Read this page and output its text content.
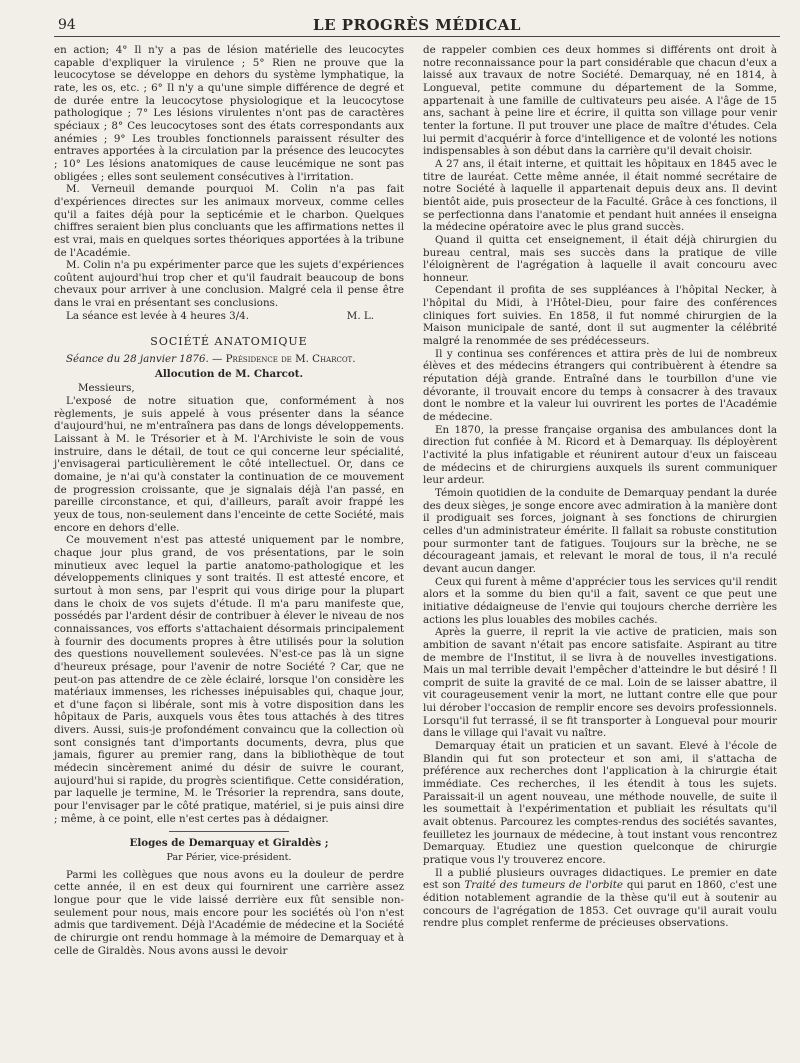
94	LE PROGRÈS MÉDICAL

en action; 4° Il n'y a pas de lésion matérielle des leucocytes capable d'expliquer la virulence ; 5° Rien ne prouve que la leucocytose se développe en dehors du système lymphatique, la rate, les os, etc. ; 6° Il n'y a qu'une simple différence de degré et de durée entre la leucocytose physiologique et la leucocytose pathologique ; 7° Les lésions virulentes n'ont pas de caractères spéciaux ; 8° Ces leucocytoses sont des états correspondants aux anémies ; 9° Les troubles fonctionnels paraissent résulter des entraves apportées à la circulation par la présence des leucocytes ; 10° Les lésions anatomiques de cause leucémique ne sont pas obligées ; elles sont seulement consécutives à l'irritation.

M. Verneuil demande pourquoi M. Colin n'a pas fait d'expériences directes sur les animaux morveux, comme celles qu'il a faites déjà pour la septicémie et le charbon. Quelques chiffres seraient bien plus concluants que les affirmations nettes il est vrai, mais en quelques sortes théoriques apportées à la tribune de l'Académie.

M. Colin n'a pu expérimenter parce que les sujets d'expériences coûtent aujourd'hui trop cher et qu'il faudrait beaucoup de bons chevaux pour arriver à une conclusion. Malgré cela il pense être dans le vrai en présentant ses conclusions.

La séance est levée à 4 heures 3/4.	M. L.

SOCIÉTÉ ANATOMIQUE

Séance du 28 janvier 1876. — Présidence de M. Charcot.

Allocution de M. Charcot.

Messieurs,

L'exposé de notre situation que, conformément à nos règlements, je suis appelé à vous présenter dans la séance d'aujourd'hui, ne m'entraînera pas dans de longs développements. Laissant à M. le Trésorier et à M. l'Archiviste le soin de vous instruire, dans le détail, de tout ce qui concerne leur spécialité, j'envisagerai particulièrement le côté intellectuel. Or, dans ce domaine, je n'ai qu'à constater la continuation de ce mouvement de progression croissante, que je signalais déjà l'an passé, en pareille circonstance, et qui, d'ailleurs, paraît avoir frappé les yeux de tous, non-seulement dans l'enceinte de cette Société, mais encore en dehors d'elle.

Ce mouvement n'est pas attesté uniquement par le nombre, chaque jour plus grand, de vos présentations, par le soin minutieux avec lequel la partie anatomo-pathologique et les développements cliniques y sont traités. Il est attesté encore, et surtout à mon sens, par l'esprit qui vous dirige pour la plupart dans le choix de vos sujets d'étude. Il m'a paru manifeste que, possédés par l'ardent désir de contribuer à élever le niveau de nos connaissances, vos efforts s'attachaient désormais principalement à fournir des documents propres à être utilisés pour la solution des questions nouvellement soulevées. N'est-ce pas là un signe d'heureux présage, pour l'avenir de notre Société ? Car, que ne peut-on pas attendre de ce zèle éclairé, lorsque l'on considère les matériaux immenses, les richesses inépuisables qui, chaque jour, et d'une façon si libérale, sont mis à votre disposition dans les hôpitaux de Paris, auxquels vous êtes tous attachés à des titres divers. Aussi, suis-je profondément convaincu que la collection où sont consignés tant d'importants documents, devra, plus que jamais, figurer au premier rang, dans la bibliothèque de tout médecin sincèrement animé du désir de suivre le courant, aujourd'hui si rapide, du progrès scientifique. Cette considération, par laquelle je termine, M. le Trésorier la reprendra, sans doute, pour l'envisager par le côté pratique, matériel, si je puis ainsi dire ; même, à ce point, elle n'est certes pas à dédaigner.

Eloges de Demarquay et Giraldès ;
Par Périer, vice-président.

Parmi les collègues que nous avons eu la douleur de perdre cette année, il en est deux qui fournirent une carrière assez longue pour que le vide laissé derrière eux fût sensible non-seulement pour nous, mais encore pour les sociétés où l'on n'est admis que tardivement. Déjà l'Académie de médecine et la Société de chirurgie ont rendu hommage à la mémoire de Demarquay et à celle de Giraldès. Nous avons aussi le devoir

de rappeler combien ces deux hommes si différents ont droit à notre reconnaissance pour la part considérable que chacun d'eux a laissé aux travaux de notre Société. Demarquay, né en 1814, à Longueval, petite commune du département de la Somme, appartenait à une famille de cultivateurs peu aisée. A l'âge de 15 ans, sachant à peine lire et écrire, il quitta son village pour venir tenter la fortune. Il put trouver une place de maître d'études. Cela lui permit d'acquérir à force d'intelligence et de volonté les notions indispensables à son début dans la carrière qu'il devait choisir.

A 27 ans, il était interne, et quittait les hôpitaux en 1845 avec le titre de lauréat. Cette même année, il était nommé secrétaire de notre Société à laquelle il appartenait depuis deux ans. Il devint bientôt aide, puis prosecteur de la Faculté. Grâce à ces fonctions, il se perfectionna dans l'anatomie et pendant huit années il enseigna la médecine opératoire avec le plus grand succès.

Quand il quitta cet enseignement, il était déjà chirurgien du bureau central, mais ses succès dans la pratique de ville l'éloignèrent de l'agrégation à laquelle il avait concouru avec honneur.

Cependant il profita de ses suppléances à l'hôpital Necker, à l'hôpital du Midi, à l'Hôtel-Dieu, pour faire des conférences cliniques fort suivies. En 1858, il fut nommé chirurgien de la Maison municipale de santé, dont il sut augmenter la célébrité malgré la renommée de ses prédécesseurs.

Il y continua ses conférences et attira près de lui de nombreux élèves et des médecins étrangers qui contribuèrent à étendre sa réputation déjà grande. Entraîné dans le tourbillon d'une vie dévorante, il trouvait encore du temps à consacrer à des travaux dont le nombre et la valeur lui ouvrirent les portes de l'Académie de médecine.

En 1870, la presse française organisa des ambulances dont la direction fut confiée à M. Ricord et à Demarquay. Ils déployèrent l'activité la plus infatigable et réunirent autour d'eux un faisceau de médecins et de chirurgiens auxquels ils surent communiquer leur ardeur.

Témoin quotidien de la conduite de Demarquay pendant la durée des deux sièges, je songe encore avec admiration à la manière dont il prodiguait ses forces, joignant à ses fonctions de chirurgien celles d'un administrateur émérite. Il fallait sa robuste constitution pour surmonter tant de fatigues. Toujours sur la brèche, ne se décourageant jamais, et relevant le moral de tous, il n'a reculé devant aucun danger.

Ceux qui furent à même d'apprécier tous les services qu'il rendit alors et la somme du bien qu'il a fait, savent ce que peut une initiative dédaigneuse de l'envie qui toujours cherche derrière les actions les plus louables des mobiles cachés.

Après la guerre, il reprit la vie active de praticien, mais son ambition de savant n'était pas encore satisfaite. Aspirant au titre de membre de l'Institut, il se livra à de nouvelles investigations. Mais un mal terrible devait l'empêcher d'atteindre le but désiré ! Il comprit de suite la gravité de ce mal. Loin de se laisser abattre, il vit courageusement venir la mort, ne luttant contre elle que pour lui dérober l'occasion de remplir encore ses devoirs professionnels. Lorsqu'il fut terrassé, il se fit transporter à Longueval pour mourir dans le village qui l'avait vu naître.

Demarquay était un praticien et un savant. Elevé à l'école de Blandin qui fut son protecteur et son ami, il s'attacha de préférence aux recherches dont l'application à la chirurgie était immédiate. Ces recherches, il les étendit à tous les sujets. Paraissait-il un agent nouveau, une méthode nouvelle, de suite il les soumettait à l'expérimentation et publiait les résultats qu'il avait obtenus. Parcourez les comptes-rendus des sociétés savantes, feuilletez les journaux de médecine, à tout instant vous rencontrez Demarquay. Etudiez une question quelconque de chirurgie pratique vous l'y trouverez encore.

Il a publié plusieurs ouvrages didactiques. Le premier en date est son Traité des tumeurs de l'orbite qui parut en 1860, c'est une édition notablement agrandie de la thèse qu'il eut à soutenir au concours de l'agrégation de 1853. Cet ouvrage qu'il aurait voulu rendre plus complet renferme de précieuses observations.
